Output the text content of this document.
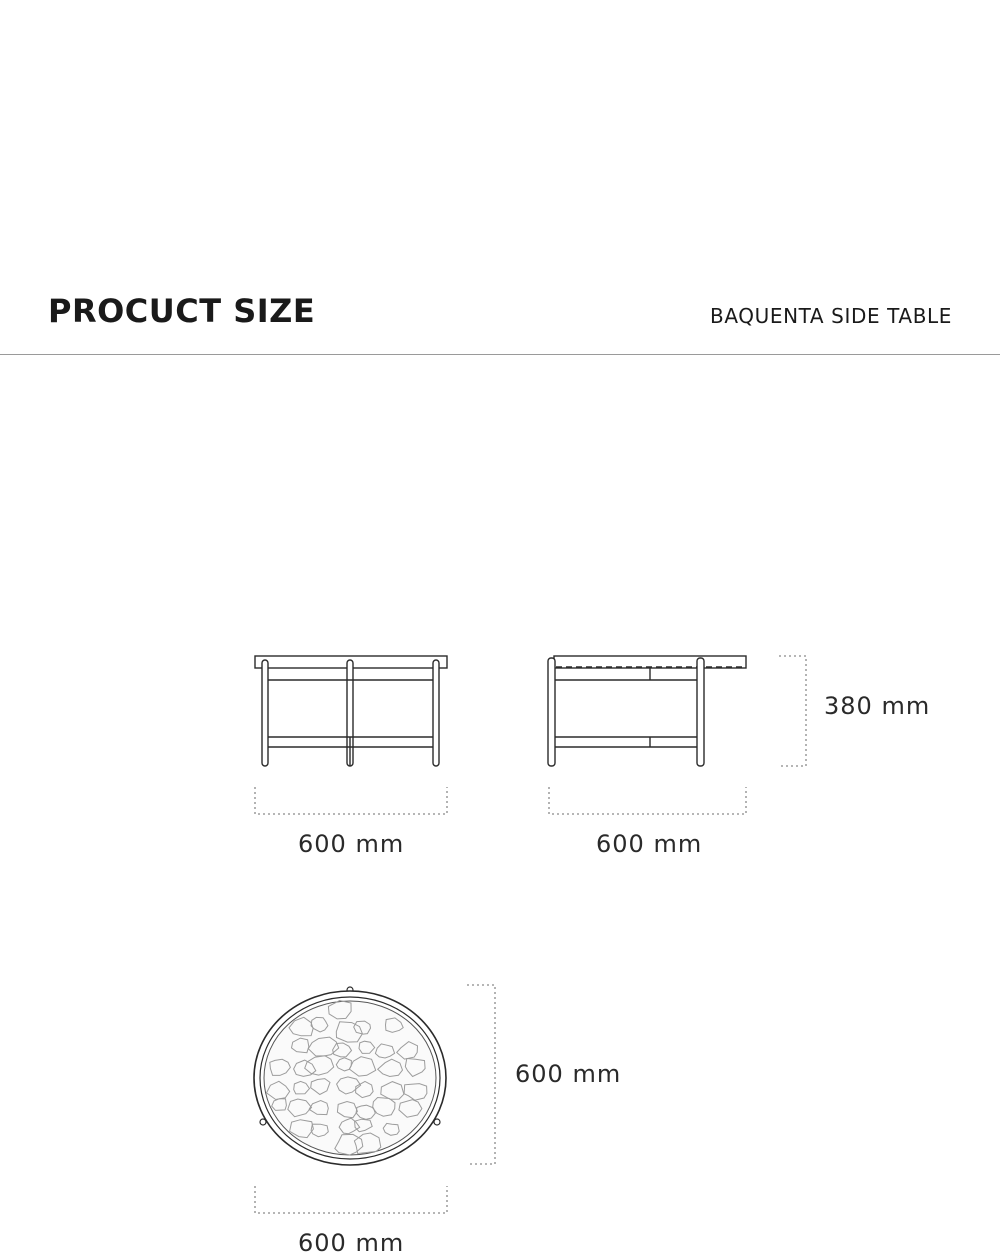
PROCUCT SIZE	BAQUENTA SIDE TABLE
600 mm	600 mm
380 mm
600 mm
600 mm
